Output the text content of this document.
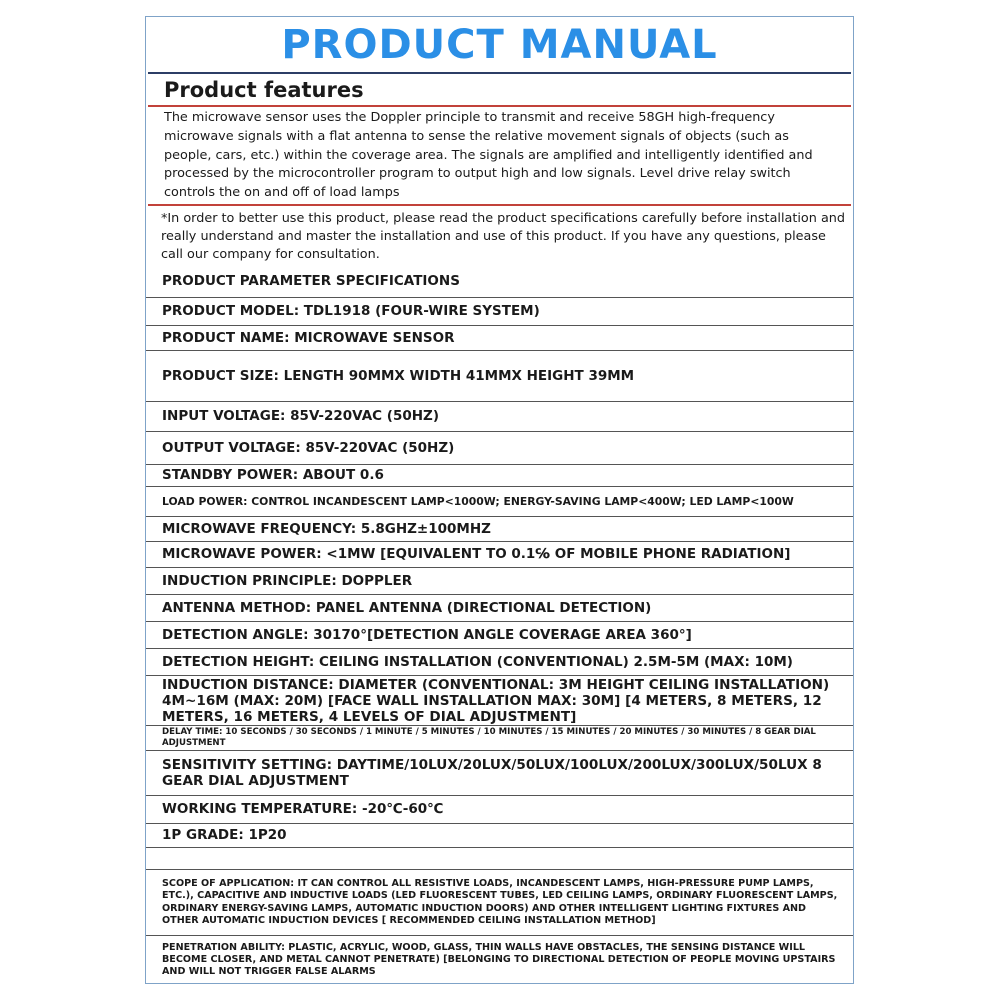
PRODUCT MANUAL
Product features
The microwave sensor uses the Doppler principle to transmit and receive 58GH high-frequency microwave signals with a flat antenna to sense the relative movement signals of objects (such as people, cars, etc.) within the coverage area. The signals are amplified and intelligently identified and processed by the microcontroller program to output high and low signals. Level drive relay switch controls the on and off of load lamps
*In order to better use this product, please read the product specifications carefully before installation and really understand and master the installation and use of this product. If you have any questions, please call our company for consultation.
PRODUCT PARAMETER SPECIFICATIONS
PRODUCT MODEL: TDL1918 (FOUR-WIRE SYSTEM)
PRODUCT NAME: MICROWAVE SENSOR
PRODUCT SIZE: LENGTH 90MMX WIDTH 41MMX HEIGHT 39MM
INPUT VOLTAGE: 85V-220VAC (50HZ)
OUTPUT VOLTAGE: 85V-220VAC (50HZ)
STANDBY POWER: ABOUT 0.6
LOAD POWER: CONTROL INCANDESCENT LAMP<1000W; ENERGY-SAVING LAMP<400W; LED LAMP<100W
MICROWAVE FREQUENCY: 5.8GHZ±100MHZ
MICROWAVE POWER: <1MW [EQUIVALENT TO 0.1℅ OF MOBILE PHONE RADIATION]
INDUCTION PRINCIPLE: DOPPLER
ANTENNA METHOD: PANEL ANTENNA (DIRECTIONAL DETECTION)
DETECTION ANGLE: 30170°[DETECTION ANGLE COVERAGE AREA 360°]
DETECTION HEIGHT: CEILING INSTALLATION (CONVENTIONAL) 2.5M-5M (MAX: 10M)
INDUCTION DISTANCE: DIAMETER (CONVENTIONAL: 3M HEIGHT CEILING INSTALLATION) 4M~16M (MAX: 20M) [FACE WALL INSTALLATION MAX: 30M] [4 METERS, 8 METERS, 12 METERS, 16 METERS, 4 LEVELS OF DIAL ADJUSTMENT]
DELAY TIME: 10 SECONDS / 30 SECONDS / 1 MINUTE / 5 MINUTES / 10 MINUTES / 15 MINUTES / 20 MINUTES / 30 MINUTES / 8 GEAR DIAL ADJUSTMENT
SENSITIVITY SETTING: DAYTIME/10LUX/20LUX/50LUX/100LUX/200LUX/300LUX/50LUX 8 GEAR DIAL ADJUSTMENT
WORKING TEMPERATURE: -20℃-60℃
1P GRADE: 1P20
SCOPE OF APPLICATION: IT CAN CONTROL ALL RESISTIVE LOADS, INCANDESCENT LAMPS, HIGH-PRESSURE PUMP LAMPS, ETC.), CAPACITIVE AND INDUCTIVE LOADS (LED FLUORESCENT TUBES, LED CEILING LAMPS, ORDINARY FLUORESCENT LAMPS, ORDINARY ENERGY-SAVING LAMPS, AUTOMATIC INDUCTION DOORS) AND OTHER INTELLIGENT LIGHTING FIXTURES AND OTHER AUTOMATIC INDUCTION DEVICES [ RECOMMENDED CEILING INSTALLATION METHOD]
PENETRATION ABILITY: PLASTIC, ACRYLIC, WOOD, GLASS, THIN WALLS HAVE OBSTACLES, THE SENSING DISTANCE WILL BECOME CLOSER, AND METAL CANNOT PENETRATE) [BELONGING TO DIRECTIONAL DETECTION OF PEOPLE MOVING UPSTAIRS AND WILL NOT TRIGGER FALSE ALARMS
